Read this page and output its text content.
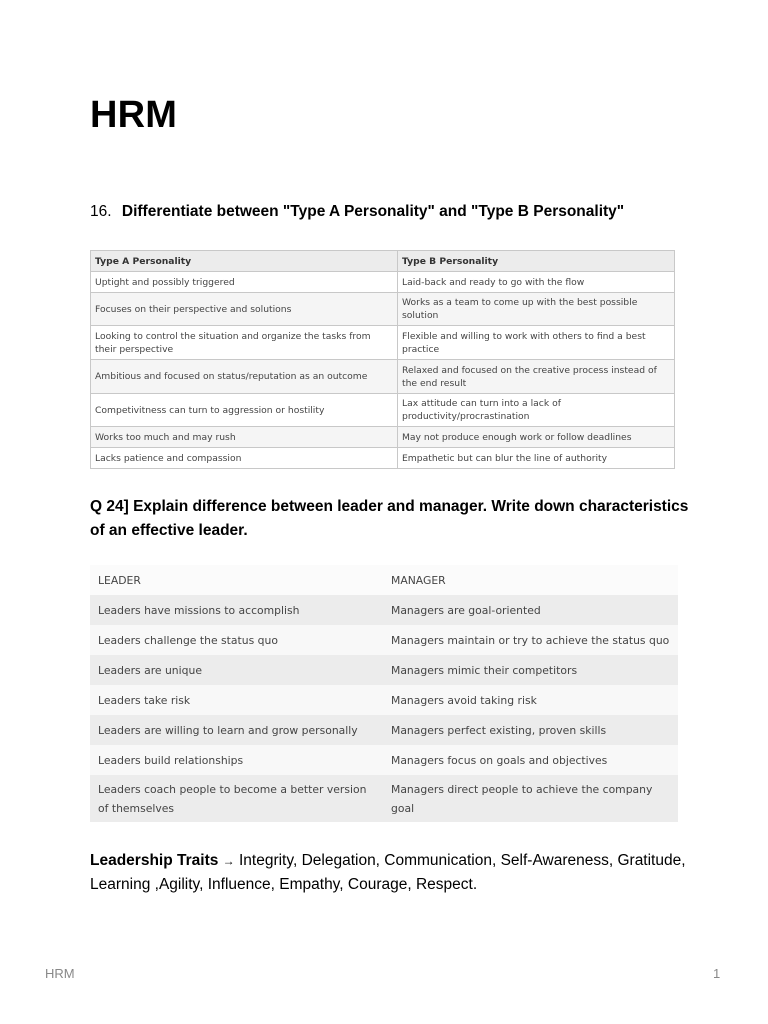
HRM
16. Differentiate between "Type A Personality" and "Type B Personality"
Type A Personality	Type B Personality
Uptight and possibly triggered	Laid-back and ready to go with the flow
Focuses on their perspective and solutions	Works as a team to come up with the best possible solution
Looking to control the situation and organize the tasks from their perspective	Flexible and willing to work with others to find a best practice
Ambitious and focused on status/reputation as an outcome	Relaxed and focused on the creative process instead of the end result
Competivitness can turn to aggression or hostility	Lax attitude can turn into a lack of productivity/procrastination
Works too much and may rush	May not produce enough work or follow deadlines
Lacks patience and compassion	Empathetic but can blur the line of authority
Q 24] Explain difference between leader and manager. Write down characteristics of an effective leader.
LEADER	MANAGER
Leaders have missions to accomplish	Managers are goal-oriented
Leaders challenge the status quo	Managers maintain or try to achieve the status quo
Leaders are unique	Managers mimic their competitors
Leaders take risk	Managers avoid taking risk
Leaders are willing to learn and grow personally	Managers perfect existing, proven skills
Leaders build relationships	Managers focus on goals and objectives
Leaders coach people to become a better version of themselves	Managers direct people to achieve the company goal
Leadership Traits → Integrity, Delegation, Communication, Self-Awareness, Gratitude, Learning ,Agility, Influence, Empathy, Courage, Respect.
HRM	1
